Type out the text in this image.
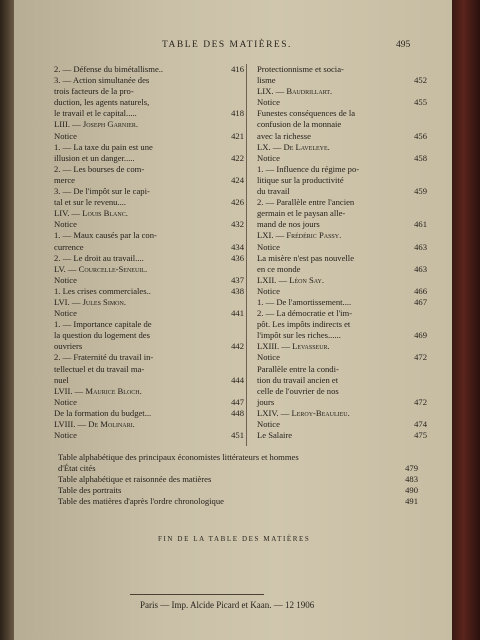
TABLE DES MATIÈRES.	495
2. — Défense du bimétallisme..	416
3. — Action simultanée des
trois facteurs de la pro-
duction, les agents naturels,
le travail et le capital.....	418
LIII. — Joseph Garnier.
Notice	421
1. — La taxe du pain est une
illusion et un danger.....	422
2. — Les bourses de com-
merce	424
3. — De l'impôt sur le capi-
tal et sur le revenu....	426
LIV. — Louis Blanc.
Notice	432
1. — Maux causés par la con-
currence	434
2. — Le droit au travail....	436
LV. — Courcelle-Seneuil.
Notice	437
1. Les crises commerciales..	438
LVI. — Jules Simon.
Notice	441
1. — Importance capitale de
la question du logement des
ouvriers	442
2. — Fraternité du travail in-
tellectuel et du travail ma-
nuel	444
LVII. — Maurice Bloch.
Notice	447
De la formation du budget...	448
LVIII. — De Molinari.
Notice	451
Protectionnisme et socia-
lisme	452
LIX. — Baudrillart.
Notice	455
Funestes conséquences de la
confusion de la monnaie
avec la richesse	456
LX. — De Laveleye.
Notice	458
1. — Influence du régime po-
litique sur la productivité
du travail	459
2. — Parallèle entre l'ancien
germain et le paysan alle-
mand de nos jours	461
LXI. — Frédéric Passy.
Notice	463
La misère n'est pas nouvelle
en ce monde	463
LXII. — Léon Say.
Notice	466
1. — De l'amortissement....	467
2. — La démocratie et l'im-
pôt. Les impôts indirects et
l'impôt sur les riches......	469
LXIII. — Levasseur.
Notice	472
Parallèle entre la condi-
tion du travail ancien et
celle de l'ouvrier de nos
jours	472
LXIV. — Leroy-Beaulieu.
Notice	474
Le Salaire	475
Table alphabétique des principaux économistes littérateurs et hommes
d'État cités	479
Table alphabétique et raisonnée des matières	483
Table des portraits	490
Table des matières d'après l'ordre chronologique	491
FIN DE LA TABLE DES MATIÈRES
Paris — Imp. Alcide Picard et Kaan. — 12 1906
